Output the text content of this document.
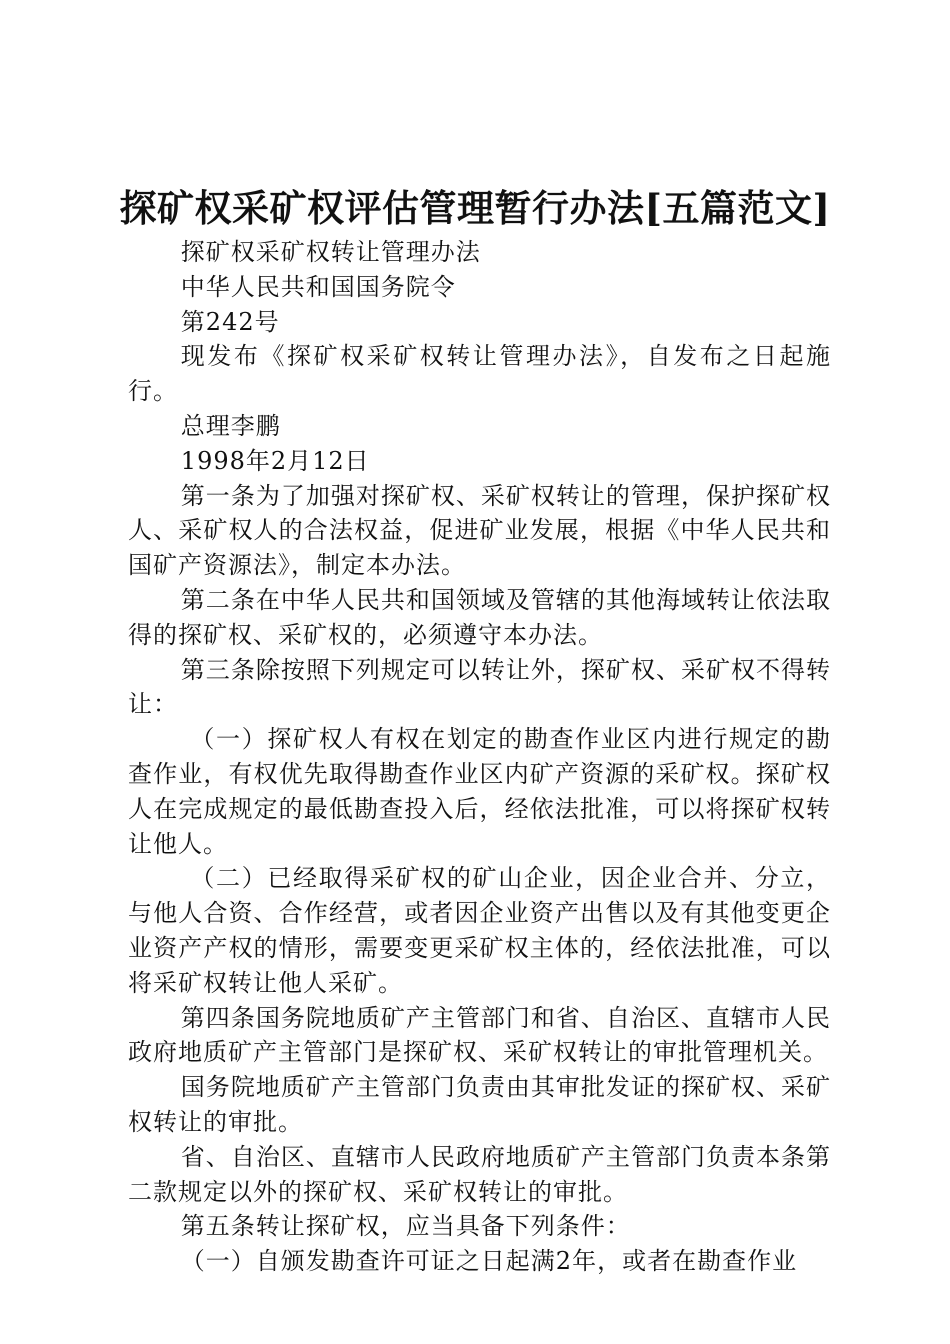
探矿权采矿权评估管理暂行办法[五篇范文]

探矿权采矿权转让管理办法

中华人民共和国国务院令

第242号

现发布《探矿权采矿权转让管理办法》，自发布之日起施行。

总理李鹏

1998年2月12日

第一条为了加强对探矿权、采矿权转让的管理，保护探矿权人、采矿权人的合法权益，促进矿业发展，根据《中华人民共和国矿产资源法》，制定本办法。

第二条在中华人民共和国领域及管辖的其他海域转让依法取得的探矿权、采矿权的，必须遵守本办法。

第三条除按照下列规定可以转让外，探矿权、采矿权不得转让：

（一）探矿权人有权在划定的勘查作业区内进行规定的勘查作业，有权优先取得勘查作业区内矿产资源的采矿权。探矿权人在完成规定的最低勘查投入后，经依法批准，可以将探矿权转让他人。

（二）已经取得采矿权的矿山企业，因企业合并、分立，与他人合资、合作经营，或者因企业资产出售以及有其他变更企业资产产权的情形，需要变更采矿权主体的，经依法批准，可以将采矿权转让他人采矿。

第四条国务院地质矿产主管部门和省、自治区、直辖市人民政府地质矿产主管部门是探矿权、采矿权转让的审批管理机关。

国务院地质矿产主管部门负责由其审批发证的探矿权、采矿权转让的审批。

省、自治区、直辖市人民政府地质矿产主管部门负责本条第二款规定以外的探矿权、采矿权转让的审批。

第五条转让探矿权，应当具备下列条件：

（一）自颁发勘查许可证之日起满2年，或者在勘查作业
